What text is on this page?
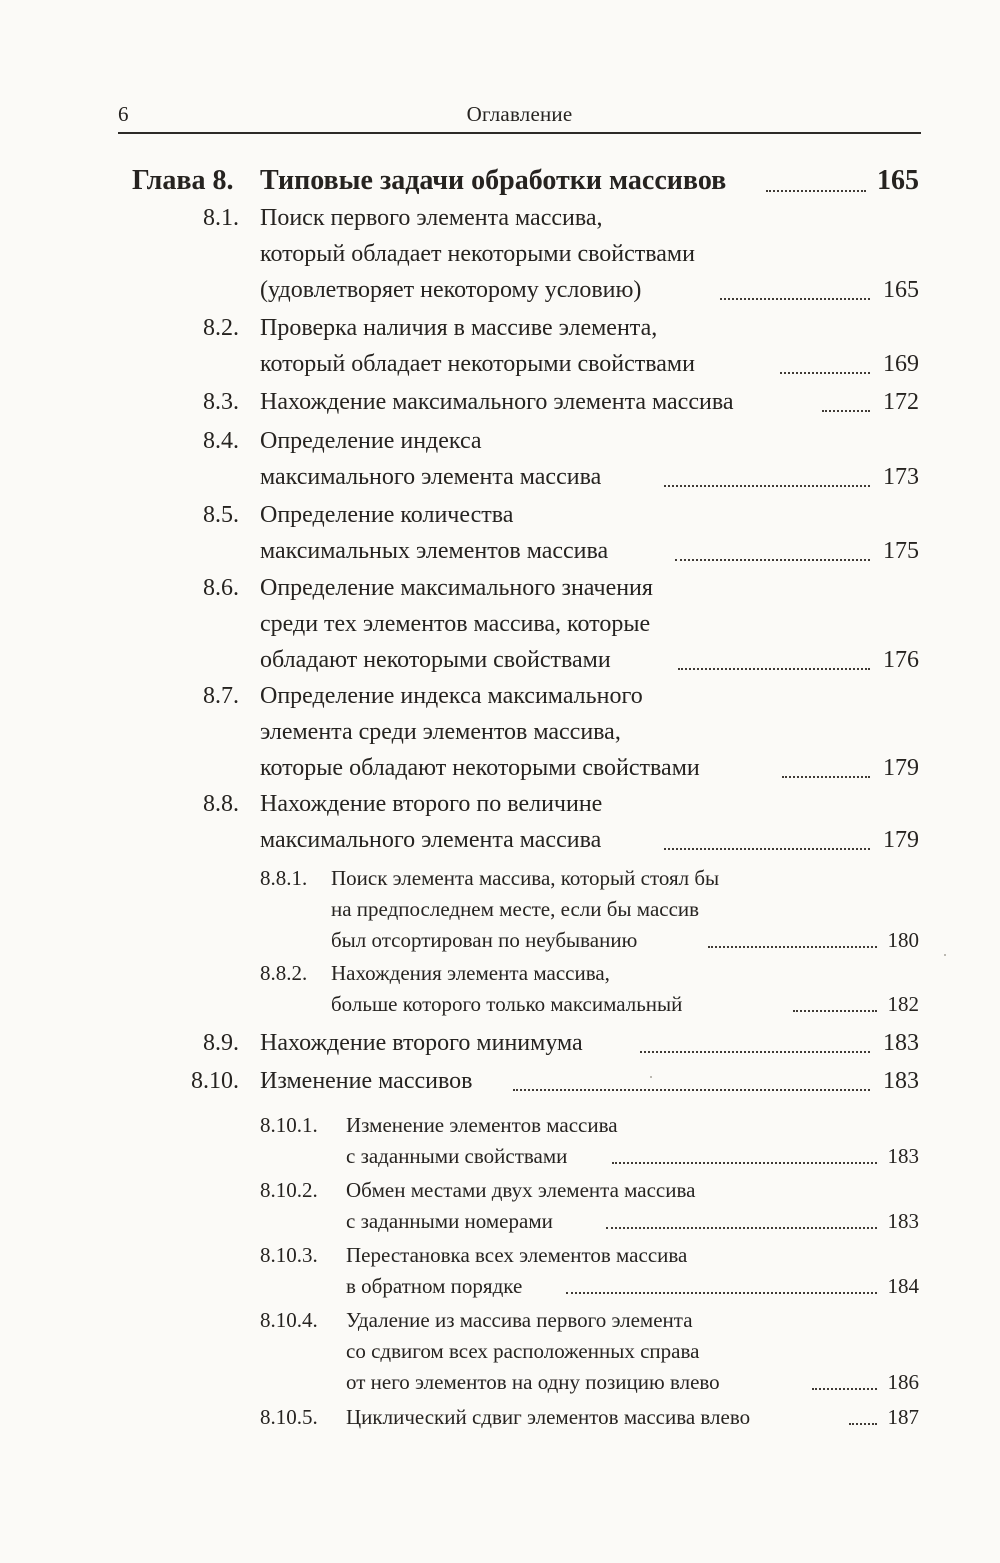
6	Оглавление
Глава 8. Типовые задачи обработки массивов	165
8.1. Поиск первого элемента массива,
который обладает некоторыми свойствами
(удовлетворяет некоторому условию)	165
8.2. Проверка наличия в массиве элемента,
который обладает некоторыми свойствами	169
8.3. Нахождение максимального элемента массива	172
8.4. Определение индекса
максимального элемента массива	173
8.5. Определение количества
максимальных элементов массива	175
8.6. Определение максимального значения
среди тех элементов массива, которые
обладают некоторыми свойствами	176
8.7. Определение индекса максимального
элемента среди элементов массива,
которые обладают некоторыми свойствами	179
8.8. Нахождение второго по величине
максимального элемента массива	179
8.8.1.	Поиск элемента массива, который стоял бы
на предпоследнем месте, если бы массив
был отсортирован по неубыванию	180
8.8.2.	Нахождения элемента массива,
больше которого только максимальный	182
8.9. Нахождение второго минимума	183
8.10. Изменение массивов	183
8.10.1.	Изменение элементов массива
с заданными свойствами	183
8.10.2.	Обмен местами двух элемента массива
с заданными номерами	183
8.10.3.	Перестановка всех элементов массива
в обратном порядке	184
8.10.4.	Удаление из массива первого элемента
со сдвигом всех расположенных справа
от него элементов на одну позицию влево	186
8.10.5.	Циклический сдвиг элементов массива влево	187
